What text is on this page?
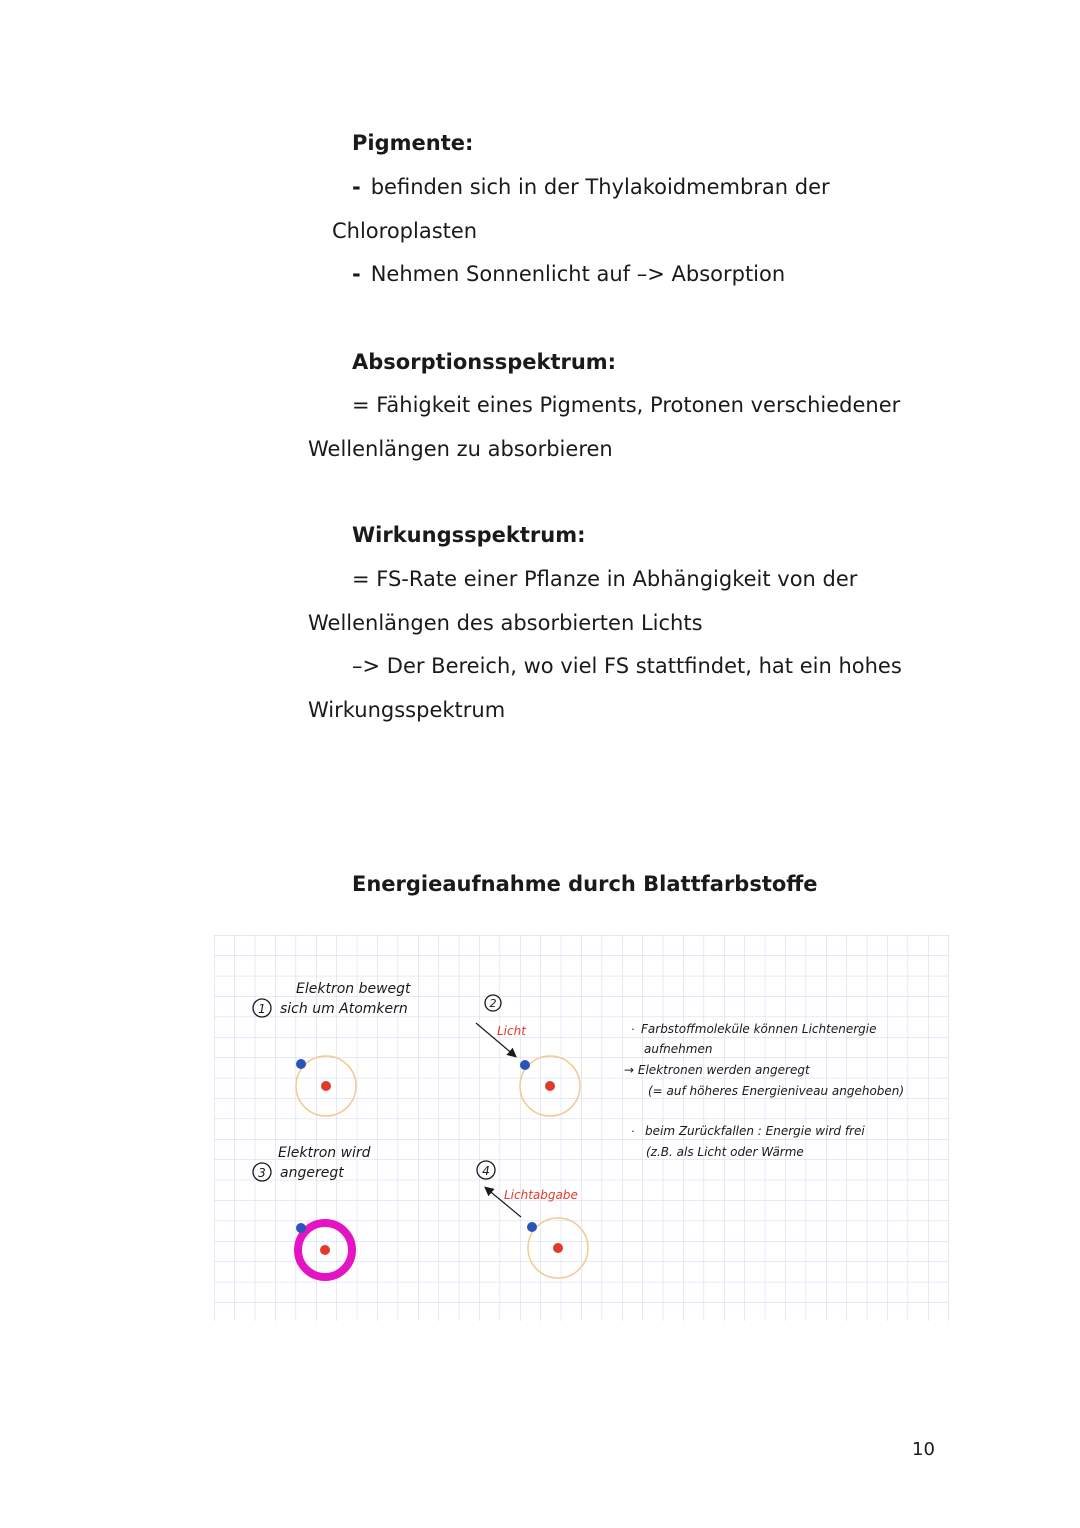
Pigmente:
- befinden sich in der Thylakoidmembran der
Chloroplasten
- Nehmen Sonnenlicht auf –> Absorption
Absorptionsspektrum:
= Fähigkeit eines Pigments, Protonen verschiedener
Wellenlängen zu absorbieren
Wirkungsspektrum:
= FS-Rate einer Pflanze in Abhängigkeit von der
Wellenlängen des absorbierten Lichts
–> Der Bereich, wo viel FS stattfindet, hat ein hohes
Wirkungsspektrum
Energieaufnahme durch Blattfarbstoffe
1
Elektron bewegt
sich um Atomkern	2
Licht
3
Elektron wird
angeregt	4
Lichtabgabe
· Farbstoffmoleküle können Lichtenergie
aufnehmen
→ Elektronen werden angeregt
(= auf höheres Energieniveau angehoben)
· beim Zurückfallen : Energie wird frei
(z.B. als Licht oder Wärme
10
